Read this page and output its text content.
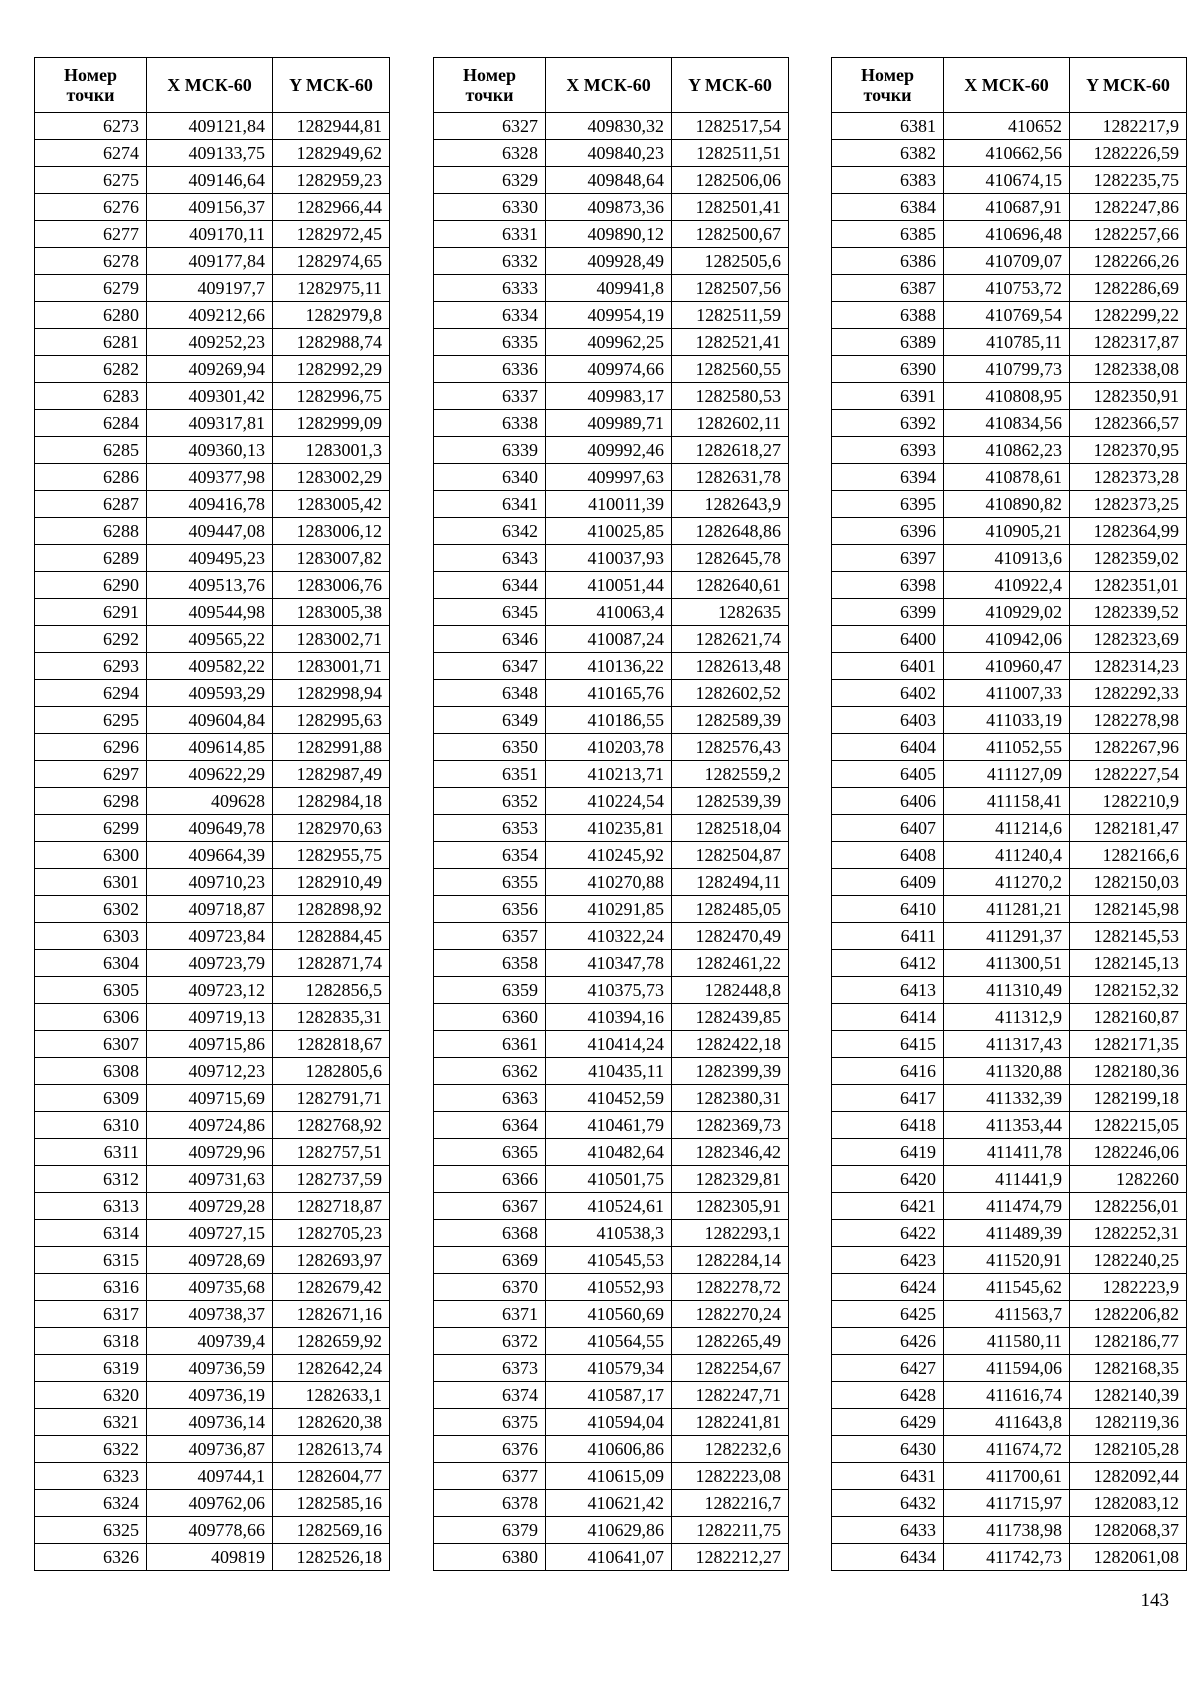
Номер точки	X МСК-60	Y МСК-60
6273	409121,84	1282944,81
6274	409133,75	1282949,62
6275	409146,64	1282959,23
6276	409156,37	1282966,44
6277	409170,11	1282972,45
6278	409177,84	1282974,65
6279	409197,7	1282975,11
6280	409212,66	1282979,8
6281	409252,23	1282988,74
6282	409269,94	1282992,29
6283	409301,42	1282996,75
6284	409317,81	1282999,09
6285	409360,13	1283001,3
6286	409377,98	1283002,29
6287	409416,78	1283005,42
6288	409447,08	1283006,12
6289	409495,23	1283007,82
6290	409513,76	1283006,76
6291	409544,98	1283005,38
6292	409565,22	1283002,71
6293	409582,22	1283001,71
6294	409593,29	1282998,94
6295	409604,84	1282995,63
6296	409614,85	1282991,88
6297	409622,29	1282987,49
6298	409628	1282984,18
6299	409649,78	1282970,63
6300	409664,39	1282955,75
6301	409710,23	1282910,49
6302	409718,87	1282898,92
6303	409723,84	1282884,45
6304	409723,79	1282871,74
6305	409723,12	1282856,5
6306	409719,13	1282835,31
6307	409715,86	1282818,67
6308	409712,23	1282805,6
6309	409715,69	1282791,71
6310	409724,86	1282768,92
6311	409729,96	1282757,51
6312	409731,63	1282737,59
6313	409729,28	1282718,87
6314	409727,15	1282705,23
6315	409728,69	1282693,97
6316	409735,68	1282679,42
6317	409738,37	1282671,16
6318	409739,4	1282659,92
6319	409736,59	1282642,24
6320	409736,19	1282633,1
6321	409736,14	1282620,38
6322	409736,87	1282613,74
6323	409744,1	1282604,77
6324	409762,06	1282585,16
6325	409778,66	1282569,16
6326	409819	1282526,18
Номер точки	X МСК-60	Y МСК-60
6327	409830,32	1282517,54
6328	409840,23	1282511,51
6329	409848,64	1282506,06
6330	409873,36	1282501,41
6331	409890,12	1282500,67
6332	409928,49	1282505,6
6333	409941,8	1282507,56
6334	409954,19	1282511,59
6335	409962,25	1282521,41
6336	409974,66	1282560,55
6337	409983,17	1282580,53
6338	409989,71	1282602,11
6339	409992,46	1282618,27
6340	409997,63	1282631,78
6341	410011,39	1282643,9
6342	410025,85	1282648,86
6343	410037,93	1282645,78
6344	410051,44	1282640,61
6345	410063,4	1282635
6346	410087,24	1282621,74
6347	410136,22	1282613,48
6348	410165,76	1282602,52
6349	410186,55	1282589,39
6350	410203,78	1282576,43
6351	410213,71	1282559,2
6352	410224,54	1282539,39
6353	410235,81	1282518,04
6354	410245,92	1282504,87
6355	410270,88	1282494,11
6356	410291,85	1282485,05
6357	410322,24	1282470,49
6358	410347,78	1282461,22
6359	410375,73	1282448,8
6360	410394,16	1282439,85
6361	410414,24	1282422,18
6362	410435,11	1282399,39
6363	410452,59	1282380,31
6364	410461,79	1282369,73
6365	410482,64	1282346,42
6366	410501,75	1282329,81
6367	410524,61	1282305,91
6368	410538,3	1282293,1
6369	410545,53	1282284,14
6370	410552,93	1282278,72
6371	410560,69	1282270,24
6372	410564,55	1282265,49
6373	410579,34	1282254,67
6374	410587,17	1282247,71
6375	410594,04	1282241,81
6376	410606,86	1282232,6
6377	410615,09	1282223,08
6378	410621,42	1282216,7
6379	410629,86	1282211,75
6380	410641,07	1282212,27
Номер точки	X МСК-60	Y МСК-60
6381	410652	1282217,9
6382	410662,56	1282226,59
6383	410674,15	1282235,75
6384	410687,91	1282247,86
6385	410696,48	1282257,66
6386	410709,07	1282266,26
6387	410753,72	1282286,69
6388	410769,54	1282299,22
6389	410785,11	1282317,87
6390	410799,73	1282338,08
6391	410808,95	1282350,91
6392	410834,56	1282366,57
6393	410862,23	1282370,95
6394	410878,61	1282373,28
6395	410890,82	1282373,25
6396	410905,21	1282364,99
6397	410913,6	1282359,02
6398	410922,4	1282351,01
6399	410929,02	1282339,52
6400	410942,06	1282323,69
6401	410960,47	1282314,23
6402	411007,33	1282292,33
6403	411033,19	1282278,98
6404	411052,55	1282267,96
6405	411127,09	1282227,54
6406	411158,41	1282210,9
6407	411214,6	1282181,47
6408	411240,4	1282166,6
6409	411270,2	1282150,03
6410	411281,21	1282145,98
6411	411291,37	1282145,53
6412	411300,51	1282145,13
6413	411310,49	1282152,32
6414	411312,9	1282160,87
6415	411317,43	1282171,35
6416	411320,88	1282180,36
6417	411332,39	1282199,18
6418	411353,44	1282215,05
6419	411411,78	1282246,06
6420	411441,9	1282260
6421	411474,79	1282256,01
6422	411489,39	1282252,31
6423	411520,91	1282240,25
6424	411545,62	1282223,9
6425	411563,7	1282206,82
6426	411580,11	1282186,77
6427	411594,06	1282168,35
6428	411616,74	1282140,39
6429	411643,8	1282119,36
6430	411674,72	1282105,28
6431	411700,61	1282092,44
6432	411715,97	1282083,12
6433	411738,98	1282068,37
6434	411742,73	1282061,08
143
